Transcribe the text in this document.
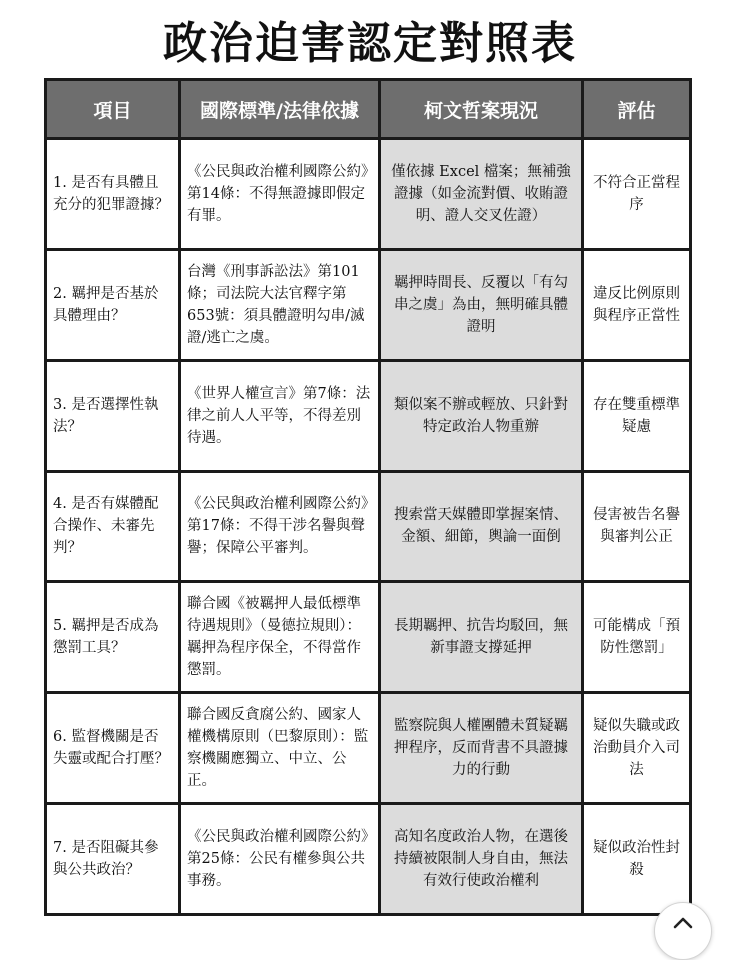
政治迫害認定對照表
項目	國際標準/法律依據	柯文哲案現況	評估
1. 是否有具體且充分的犯罪證據？	《公民與政治權利國際公約》第14條：不得無證據即假定有罪。	僅依據 Excel 檔案；無補強證據（如金流對價、收賄證明、證人交叉佐證）	不符合正當程序
2. 羈押是否基於具體理由？	台灣《刑事訴訟法》第101條；司法院大法官釋字第653號：須具體證明勾串/滅證/逃亡之虞。	羈押時間長、反覆以「有勾串之虞」為由，無明確具體證明	違反比例原則與程序正當性
3. 是否選擇性執法？	《世界人權宣言》第7條：法律之前人人平等，不得差別待遇。	類似案不辦或輕放、只針對特定政治人物重辦	存在雙重標準疑慮
4. 是否有媒體配合操作、未審先判？	《公民與政治權利國際公約》第17條：不得干涉名譽與聲譽；保障公平審判。	搜索當天媒體即掌握案情、金額、細節，輿論一面倒	侵害被告名譽與審判公正
5. 羈押是否成為懲罰工具？	聯合國《被羈押人最低標準待遇規則》（曼德拉規則）：羈押為程序保全，不得當作懲罰。	長期羈押、抗告均駁回，無新事證支撐延押	可能構成「預防性懲罰」
6. 監督機關是否失靈或配合打壓？	聯合國反貪腐公約、國家人權機構原則（巴黎原則）：監察機關應獨立、中立、公正。	監察院與人權團體未質疑羈押程序，反而背書不具證據力的行動	疑似失職或政治動員介入司法
7. 是否阻礙其參與公共政治？	《公民與政治權利國際公約》第25條：公民有權參與公共事務。	高知名度政治人物，在選後持續被限制人身自由，無法有效行使政治權利	疑似政治性封殺
